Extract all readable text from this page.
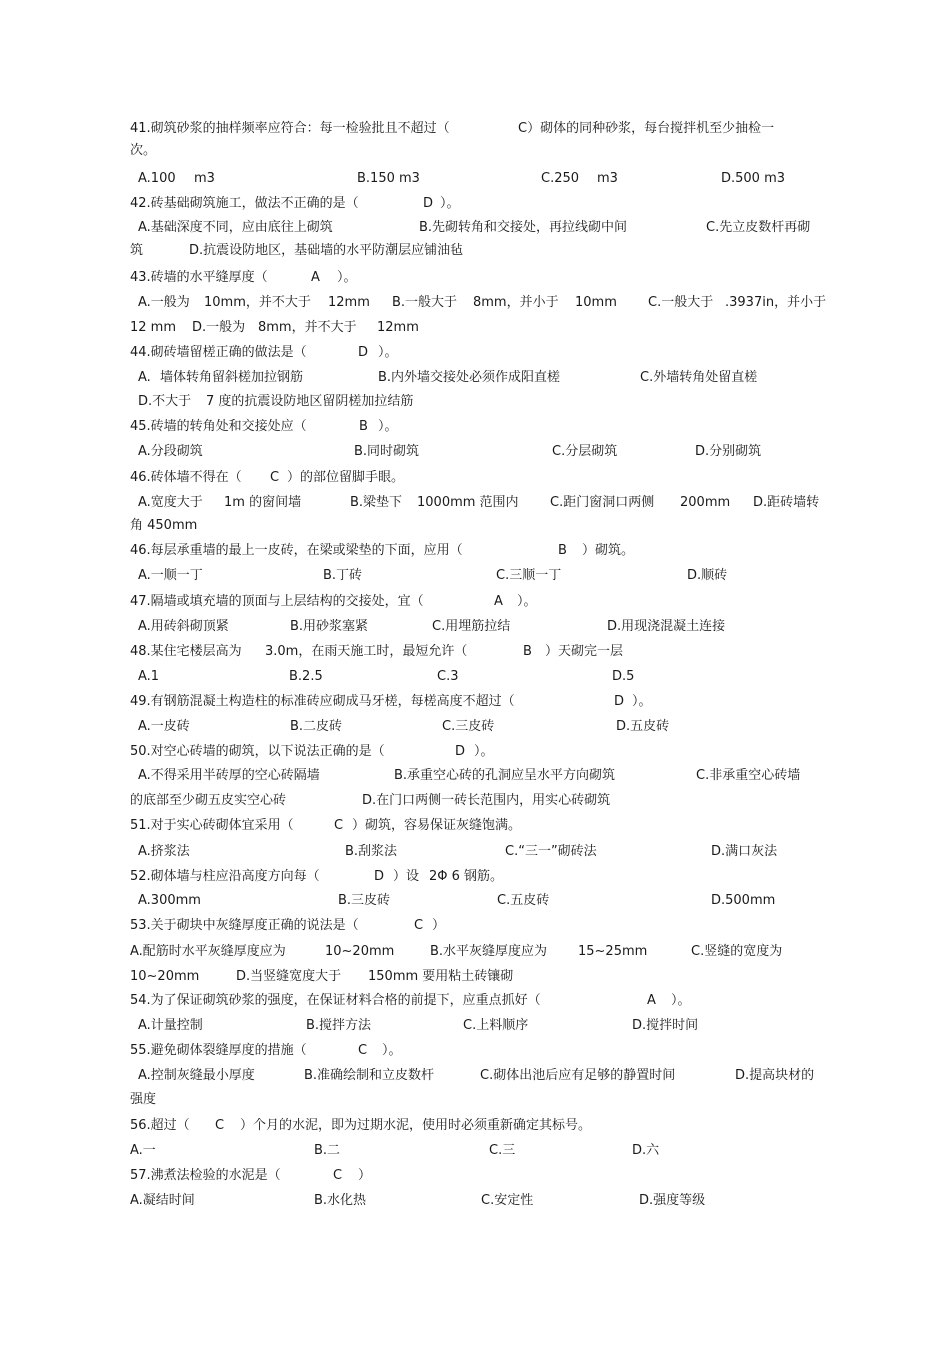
41.砌筑砂浆的抽样频率应符合：每一检验批且不超过（	C）砌体的同种砂浆，每台搅拌机至少抽检一
次。
A.100 m3	B.150 m3	C.250 m3	D.500 m3
42.砖基础砌筑施工，做法不正确的是（	D ）。
A.基础深度不同，应由底往上砌筑	B.先砌转角和交接处，再拉线砌中间	C.先立皮数杆再砌
筑	D.抗震设防地区，基础墙的水平防潮层应铺油毡
43.砖墙的水平缝厚度（	A ）。
A.一般为 10mm，并不大于 12mm B.一般大于 8mm，并小于 10mm C.一般大于 .3937in，并小于
12 mm D.一般为 8mm，并不大于 12mm
44.砌砖墙留槎正确的做法是（	D ）。
A. 墙体转角留斜槎加拉钢筋	B.内外墙交接处必须作成阳直槎	C.外墙转角处留直槎
D.不大于 7 度的抗震设防地区留阴槎加拉结筋
45.砖墙的转角处和交接处应（	B ）。
A.分段砌筑	B.同时砌筑	C.分层砌筑	D.分别砌筑
46.砖体墙不得在（ C ）的部位留脚手眼。
A.宽度大于 1m 的窗间墙	B.梁垫下 1000mm 范围内 C.距门窗洞口两侧 200mm D.距砖墙转
角 450mm
46.每层承重墙的最上一皮砖，在梁或梁垫的下面，应用（	B ）砌筑。
A.一顺一丁	B.丁砖	C.三顺一丁	D.顺砖
47.隔墙或填充墙的顶面与上层结构的交接处，宜（	A ）。
A.用砖斜砌顶紧	B.用砂浆塞紧	C.用埋筋拉结	D.用现浇混凝土连接
48.某住宅楼层高为 3.0m，在雨天施工时，最短允许（	B ）天砌完一层
A.1	B.2.5	C.3	D.5
49.有钢筋混凝土构造柱的标准砖应砌成马牙槎，每槎高度不超过（	D ）。
A.一皮砖	B.二皮砖	C.三皮砖	D.五皮砖
50.对空心砖墙的砌筑，以下说法正确的是（	D ）。
A.不得采用半砖厚的空心砖隔墙	B.承重空心砖的孔洞应呈水平方向砌筑	C.非承重空心砖墙
的底部至少砌五皮实空心砖	D.在门口两侧一砖长范围内，用实心砖砌筑
51.对于实心砖砌体宜采用（	C ）砌筑，容易保证灰缝饱满。
A.挤浆法	B.刮浆法	C.“三一”砌砖法	D.满口灰法
52.砌体墙与柱应沿高度方向每（	D ）设 2Φ 6 钢筋。
A.300mm	B.三皮砖	C.五皮砖	D.500mm
53.关于砌块中灰缝厚度正确的说法是（	C ）
A.配筋时水平灰缝厚度应为	10~20mm	B.水平灰缝厚度应为 15~25mm	C.竖缝的宽度为
10~20mm	D.当竖缝宽度大于 150mm 要用粘土砖镶砌
54.为了保证砌筑砂浆的强度，在保证材料合格的前提下，应重点抓好（	A ）。
A.计量控制	B.搅拌方法	C.上料顺序	D.搅拌时间
55.避免砌体裂缝厚度的措施（	C ）。
A.控制灰缝最小厚度	B.准确绘制和立皮数杆	C.砌体出池后应有足够的静置时间	D.提高块材的
强度
56.超过（ C ）个月的水泥，即为过期水泥，使用时必须重新确定其标号。
A.一	B.二	C.三	D.六
57.沸煮法检验的水泥是（	C ）
A.凝结时间	B.水化热	C.安定性	D.强度等级
